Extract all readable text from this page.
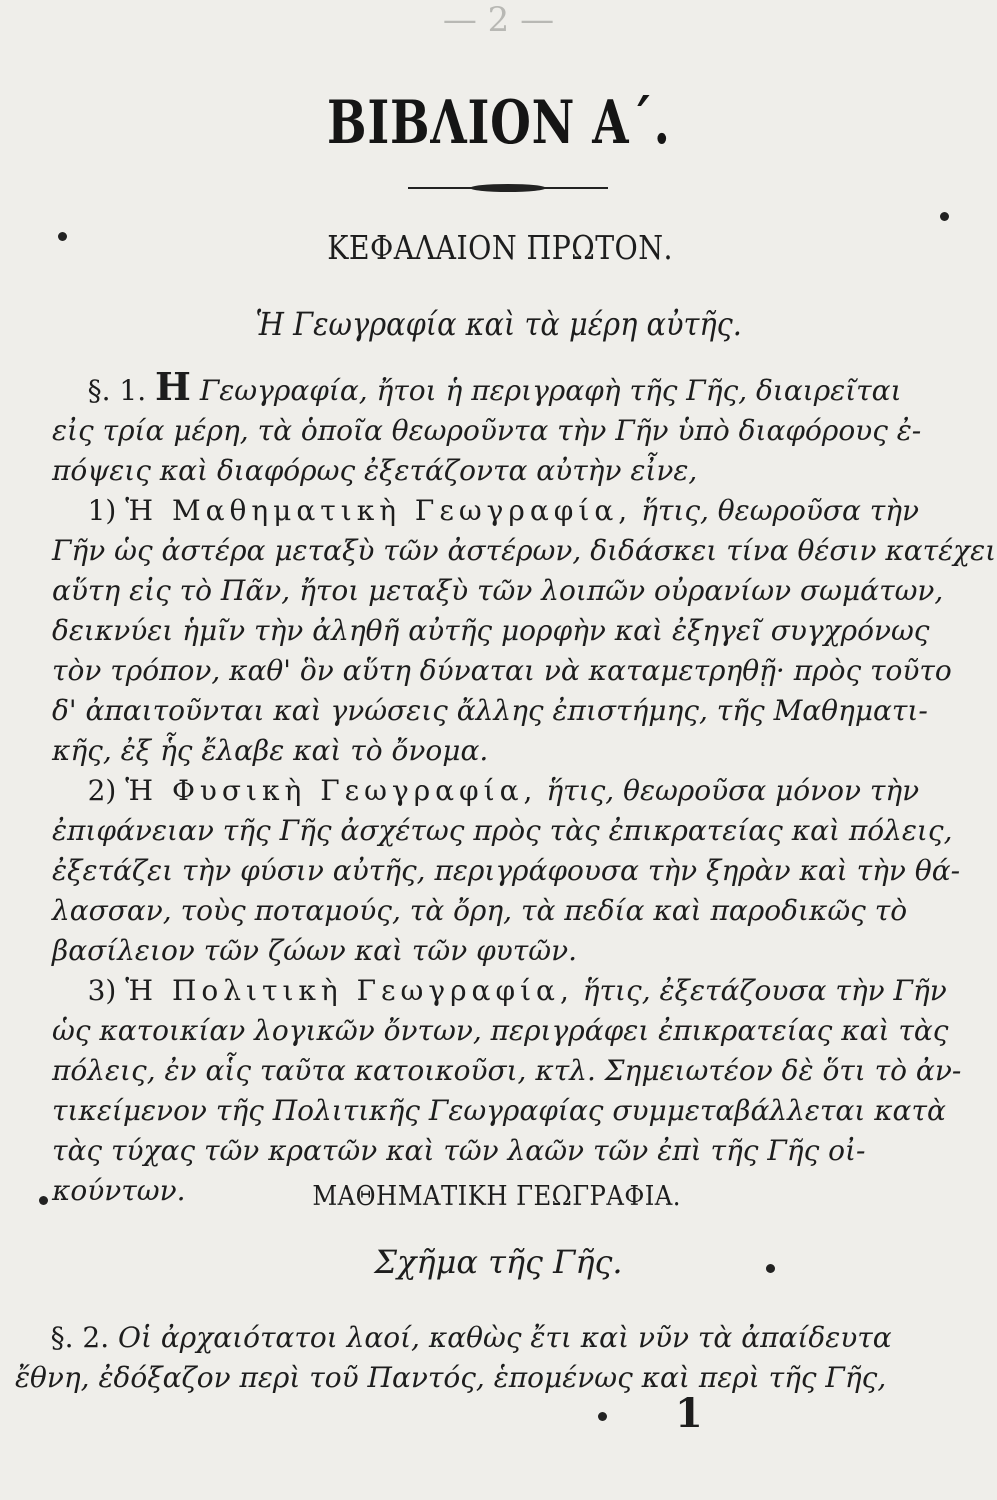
— 2 —
ΒΙΒΛΙΟΝ Α΄.
ΚΕΦΑΛΑΙΟΝ ΠΡΩΤΟΝ.
Ἡ Γεωγραφία καὶ τὰ μέρη αὐτῆς.

§. 1. Η Γεωγραφία, ἤτοι ἡ περιγραφὴ τῆς Γῆς, διαιρεῖται
εἰς τρία μέρη, τὰ ὁποῖα θεωροῦντα τὴν Γῆν ὑπὸ διαφόρους ἐ-
πόψεις καὶ διαφόρως ἐξετάζοντα αὐτὴν εἶνε,

1) Ἡ Μαθηματικὴ Γεωγραφία, ἥτις, θεωροῦσα τὴν
Γῆν ὡς ἀστέρα μεταξὺ τῶν ἀστέρων, διδάσκει τίνα θέσιν κατέχει
αὕτη εἰς τὸ Πᾶν, ἤτοι μεταξὺ τῶν λοιπῶν οὐρανίων σωμάτων,
δεικνύει ἡμῖν τὴν ἀληθῆ αὐτῆς μορφὴν καὶ ἐξηγεῖ συγχρόνως
τὸν τρόπον, καθ' ὃν αὕτη δύναται νὰ καταμετρηθῇ· πρὸς τοῦτο
δ' ἀπαιτοῦνται καὶ γνώσεις ἄλλης ἐπιστήμης, τῆς Μαθηματι-
κῆς, ἐξ ἧς ἔλαβε καὶ τὸ ὄνομα.

2) Ἡ Φυσικὴ Γεωγραφία, ἥτις, θεωροῦσα μόνον τὴν
ἐπιφάνειαν τῆς Γῆς ἀσχέτως πρὸς τὰς ἐπικρατείας καὶ πόλεις,
ἐξετάζει τὴν φύσιν αὐτῆς, περιγράφουσα τὴν ξηρὰν καὶ τὴν θά-
λασσαν, τοὺς ποταμούς, τὰ ὄρη, τὰ πεδία καὶ παροδικῶς τὸ
βασίλειον τῶν ζώων καὶ τῶν φυτῶν.

3) Ἡ Πολιτικὴ Γεωγραφία, ἥτις, ἐξετάζουσα τὴν Γῆν
ὡς κατοικίαν λογικῶν ὄντων, περιγράφει ἐπικρατείας καὶ τὰς
πόλεις, ἐν αἷς ταῦτα κατοικοῦσι, κτλ. Σημειωτέον δὲ ὅτι τὸ ἀν-
τικείμενον τῆς Πολιτικῆς Γεωγραφίας συμμεταβάλλεται κατὰ
τὰς τύχας τῶν κρατῶν καὶ τῶν λαῶν τῶν ἐπὶ τῆς Γῆς οἰ-
κούντων.	ΜΑΘΗΜΑΤΙΚΗ ΓΕΩΓΡΑΦΙΑ.
Σχῆμα τῆς Γῆς.
§. 2. Οἱ ἀρχαιότατοι λαοί, καθὼς ἔτι καὶ νῦν τὰ ἀπαίδευτα
ἔθνη, ἐδόξαζον περὶ τοῦ Παντός, ἑπομένως καὶ περὶ τῆς Γῆς,
1
